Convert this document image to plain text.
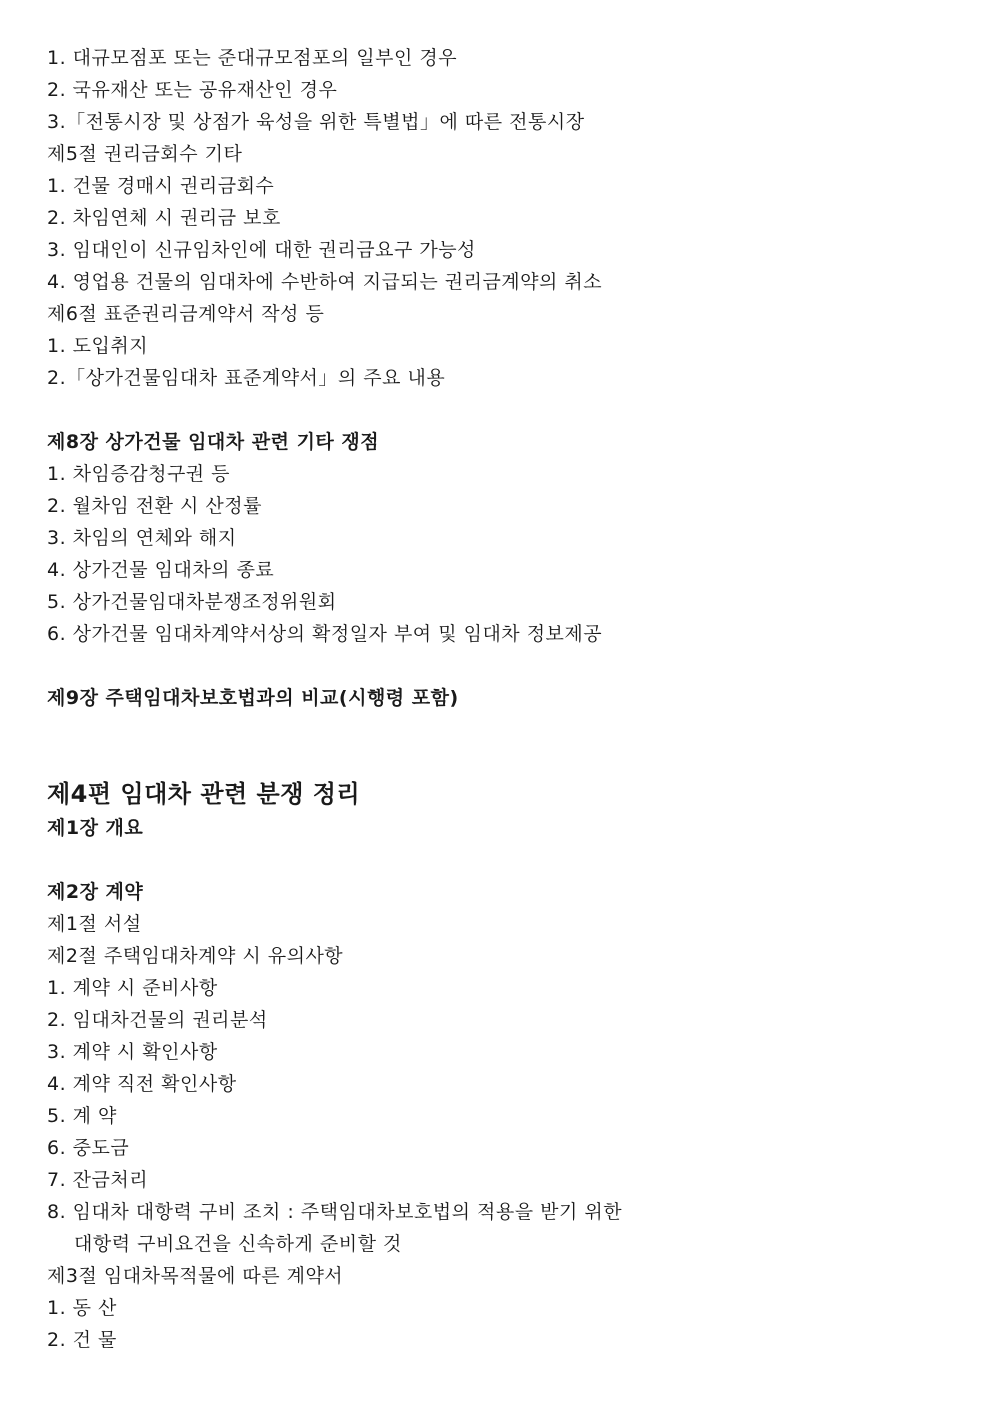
1. 대규모점포 또는 준대규모점포의 일부인 경우
2. 국유재산 또는 공유재산인 경우
3.「전통시장 및 상점가 육성을 위한 특별법」에 따른 전통시장
제5절 권리금회수 기타
1. 건물 경매시 권리금회수
2. 차임연체 시 권리금 보호
3. 임대인이 신규임차인에 대한 권리금요구 가능성
4. 영업용 건물의 임대차에 수반하여 지급되는 권리금계약의 취소
제6절 표준권리금계약서 작성 등
1. 도입취지
2.「상가건물임대차 표준계약서」의 주요 내용
제8장 상가건물 임대차 관련 기타 쟁점
1. 차임증감청구권 등
2. 월차임 전환 시 산정률
3. 차임의 연체와 해지
4. 상가건물 임대차의 종료
5. 상가건물임대차분쟁조정위원회
6. 상가건물 임대차계약서상의 확정일자 부여 및 임대차 정보제공
제9장 주택임대차보호법과의 비교(시행령 포함)
제4편 임대차 관련 분쟁 정리
제1장 개요
제2장 계약
제1절 서설
제2절 주택임대차계약 시 유의사항
1. 계약 시 준비사항
2. 임대차건물의 권리분석
3. 계약 시 확인사항
4. 계약 직전 확인사항
5. 계 약
6. 중도금
7. 잔금처리
8. 임대차 대항력 구비 조치 : 주택임대차보호법의 적용을 받기 위한
대항력 구비요건을 신속하게 준비할 것
제3절 임대차목적물에 따른 계약서
1. 동 산
2. 건 물
